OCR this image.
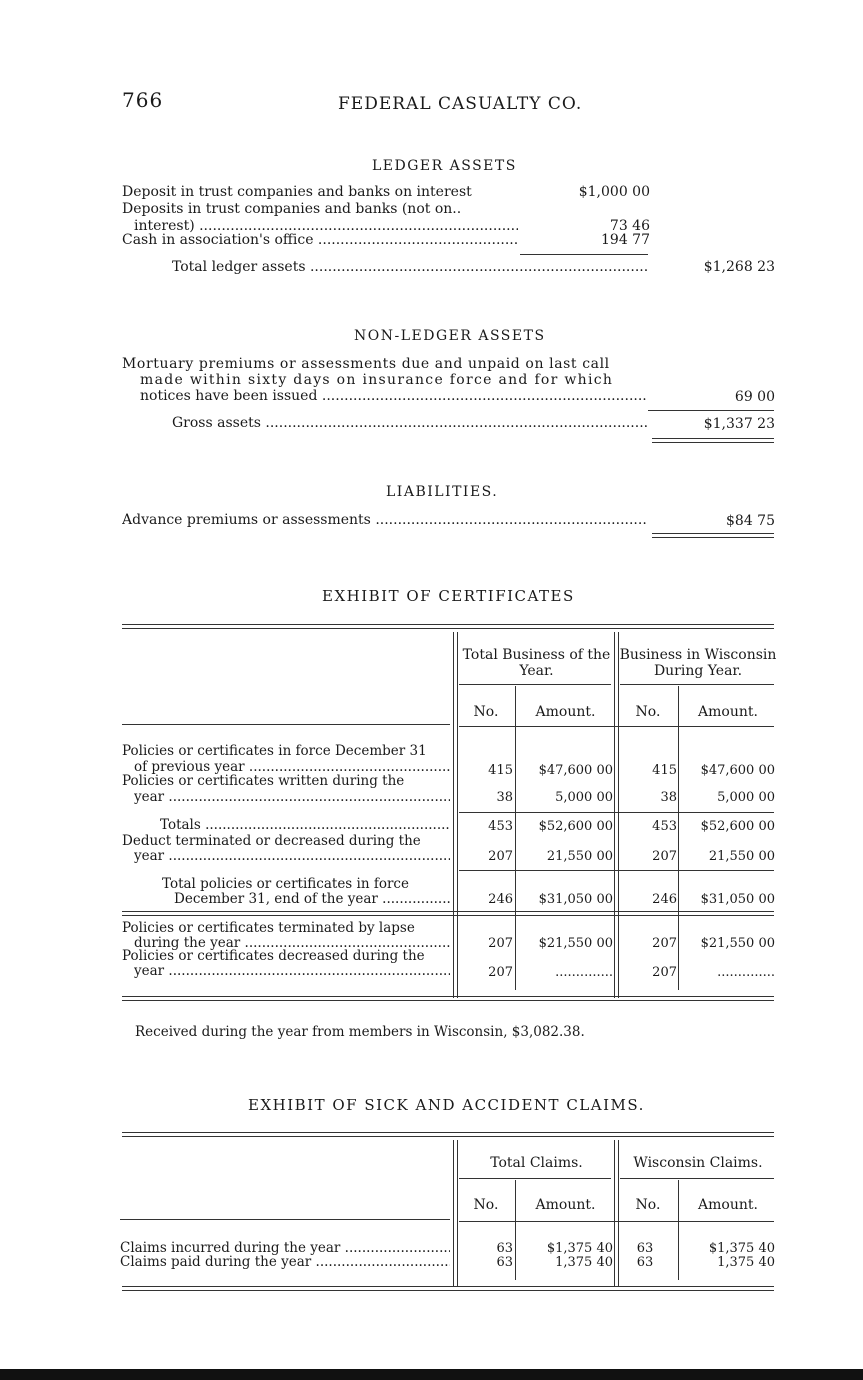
766	FEDERAL CASUALTY CO.
LEDGER ASSETS
Deposit in trust companies and banks on interest	$1,000 00
Deposits in trust companies and banks (not on..
interest) .....	73 46
Cash in association's office .....	194 77
Total ledger assets .....	$1,268 23
NON-LEDGER ASSETS
Mortuary premiums or assessments due and unpaid on last call
made within sixty days on insurance force and for which
notices have been issued .....	69 00
Gross assets .....	$1,337 23
LIABILITIES.
Advance premiums or assessments .....	$84 75
EXHIBIT OF CERTIFICATES
Total Business of the Year.
Business in Wisconsin During Year.
No.	Amount.	No.	Amount.
Policies or certificates in force December 31
of previous year .....	415	$47,600 00	415	$47,600 00
Policies or certificates written during the
year .....	38	5,000 00	38	5,000 00
Totals .....	453	$52,600 00	453	$52,600 00
Deduct terminated or decreased during the
year .....	207	21,550 00	207	21,550 00
Total policies or certificates in force
December 31, end of the year .....	246	$31,050 00	246	$31,050 00
Policies or certificates terminated by lapse
during the year .....	207	$21,550 00	207	$21,550 00
Policies or certificates decreased during the
year .....	207	..............	207	..............
Received during the year from members in Wisconsin, $3,082.38.
EXHIBIT OF SICK AND ACCIDENT CLAIMS.
Total Claims.	Wisconsin Claims.
No.	Amount.	No.	Amount.
Claims incurred during the year .....	63	$1,375 40	63	$1,375 40
Claims paid during the year .....	63	1,375 40	63	1,375 40
